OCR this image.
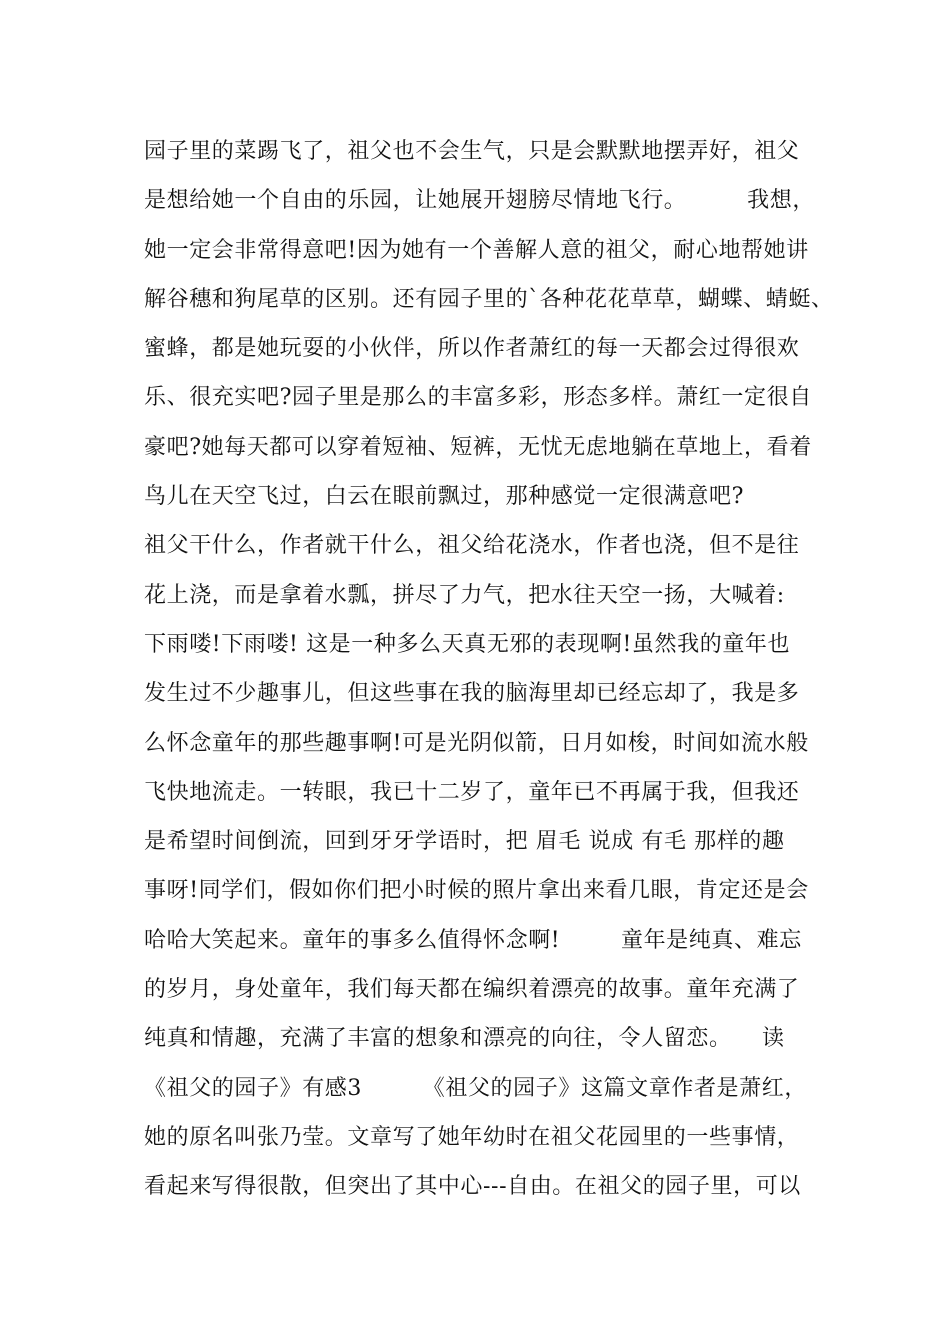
园子里的菜踢飞了，祖父也不会生气，只是会默默地摆弄好，祖父
是想给她一个自由的乐园，让她展开翅膀尽情地飞行。        我想，
她一定会非常得意吧!因为她有一个善解人意的祖父，耐心地帮她讲
解谷穗和狗尾草的区别。还有园子里的`各种花花草草，蝴蝶、蜻蜓、
蜜蜂，都是她玩耍的小伙伴，所以作者萧红的每一天都会过得很欢
乐、很充实吧?园子里是那么的丰富多彩，形态多样。萧红一定很自
豪吧?她每天都可以穿着短袖、短裤，无忧无虑地躺在草地上，看着
鸟儿在天空飞过，白云在眼前飘过，那种感觉一定很满意吧?
祖父干什么，作者就干什么，祖父给花浇水，作者也浇，但不是往
花上浇，而是拿着水瓢，拼尽了力气，把水往天空一扬，大喊着:
下雨喽!下雨喽! 这是一种多么天真无邪的表现啊!虽然我的童年也
发生过不少趣事儿，但这些事在我的脑海里却已经忘却了，我是多
么怀念童年的那些趣事啊!可是光阴似箭，日月如梭，时间如流水般
飞快地流走。一转眼，我已十二岁了，童年已不再属于我，但我还
是希望时间倒流，回到牙牙学语时，把 眉毛 说成 有毛 那样的趣
事呀!同学们，假如你们把小时候的照片拿出来看几眼，肯定还是会
哈哈大笑起来。童年的事多么值得怀念啊!        童年是纯真、难忘
的岁月，身处童年，我们每天都在编织着漂亮的故事。童年充满了
纯真和情趣，充满了丰富的想象和漂亮的向往，令人留恋。    读
《祖父的园子》有感3        《祖父的园子》这篇文章作者是萧红，
她的原名叫张乃莹。文章写了她年幼时在祖父花园里的一些事情，
看起来写得很散，但突出了其中心---自由。在祖父的园子里，可以
